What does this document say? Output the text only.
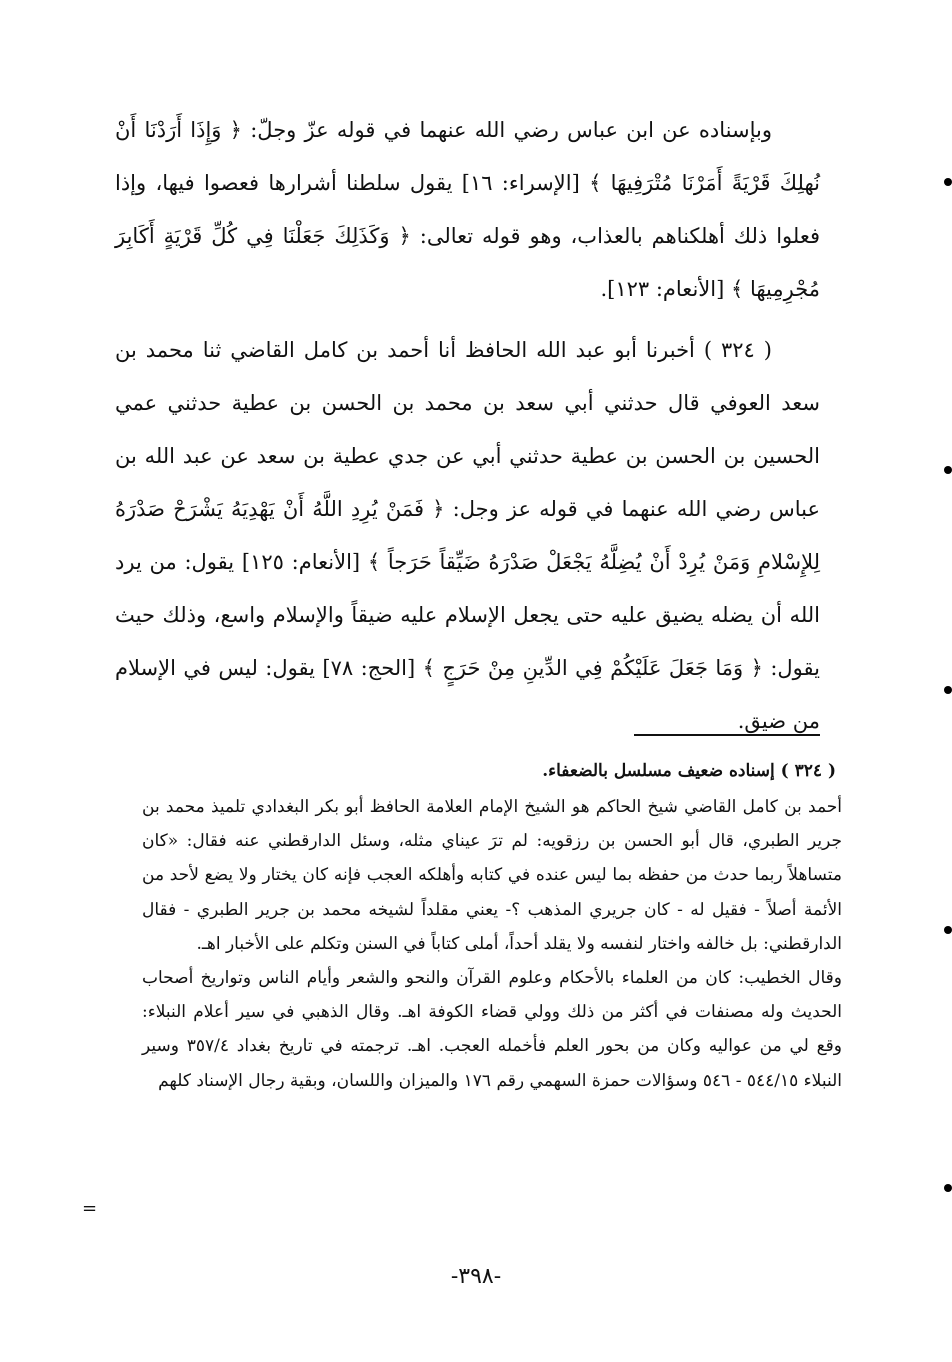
وبإسناده عن ابن عباس رضي الله عنهما في قوله عزّ وجلّ: ﴿ وَإِذَا أَرَدْنَا أَنْ نُهلِكَ قَرْيَةً أَمَرْنَا مُتْرَفِيهَا ﴾ [الإسراء: ١٦] يقول سلطنا أشرارها فعصوا فيها، وإذا فعلوا ذلك أهلكناهم بالعذاب، وهو قوله تعالى: ﴿ وَكَذَلِكَ جَعَلْنَا فِي كُلِّ قَرْيَةٍ أَكَابِرَ مُجْرِمِيهَا ﴾ [الأنعام: ١٢٣].

( ٣٢٤ ) أخبرنا أبو عبد الله الحافظ أنا أحمد بن كامل القاضي ثنا محمد بن سعد العوفي قال حدثني أبي سعد بن محمد بن الحسن بن عطية حدثني عمي الحسين بن الحسن بن عطية حدثني أبي عن جدي عطية بن سعد عن عبد الله بن عباس رضي الله عنهما في قوله عز وجل: ﴿ فَمَنْ يُرِدِ اللَّهُ أَنْ يَهْدِيَهُ يَشْرَحْ صَدْرَهُ لِلإِسْلامِ وَمَنْ يُرِدْ أَنْ يُضِلَّهُ يَجْعَلْ صَدْرَهُ ضَيِّقاً حَرَجاً ﴾ [الأنعام: ١٢٥] يقول: من يرد الله أن يضله يضيق عليه حتى يجعل الإسلام عليه ضيقاً والإسلام واسع، وذلك حيث يقول: ﴿ وَمَا جَعَلَ عَلَيْكُمْ فِي الدِّينِ مِنْ حَرَجٍ ﴾ [الحج: ٧٨] يقول: ليس في الإسلام من ضيق.

( ٣٢٤ ) إسناده ضعيف مسلسل بالضعفاء.

أحمد بن كامل القاضي شيخ الحاكم هو الشيخ الإمام العلامة الحافظ أبو بكر البغدادي تلميذ محمد بن جرير الطبري، قال أبو الحسن بن رزقويه: لم ترَ عيناي مثله، وسئل الدارقطني عنه فقال: «كان متساهلاً ربما حدث من حفظه بما ليس عنده في كتابه وأهلكه العجب فإنه كان يختار ولا يضع لأحد من الأئمة أصلاً - فقيل له - كان جريري المذهب ؟- يعني مقلداً لشيخه محمد بن جرير الطبري - فقال الدارقطني: بل خالفه واختار لنفسه ولا يقلد أحداً، أملى كتاباً في السنن وتكلم على الأخبار اهـ.

وقال الخطيب: كان من العلماء بالأحكام وعلوم القرآن والنحو والشعر وأيام الناس وتواريخ أصحاب الحديث وله مصنفات في أكثر من ذلك وولي قضاء الكوفة اهـ. وقال الذهبي في سير أعلام النبلاء: وقع لي من عواليه وكان من بحور العلم فأخمله العجب. اهـ. ترجمته في تاريخ بغداد ٣٥٧/٤ وسير النبلاء ٥٤٤/١٥ - ٥٤٦ وسؤالات حمزة السهمي رقم ١٧٦ والميزان واللسان، وبقية رجال الإسناد كلهم

=
-٣٩٨-
